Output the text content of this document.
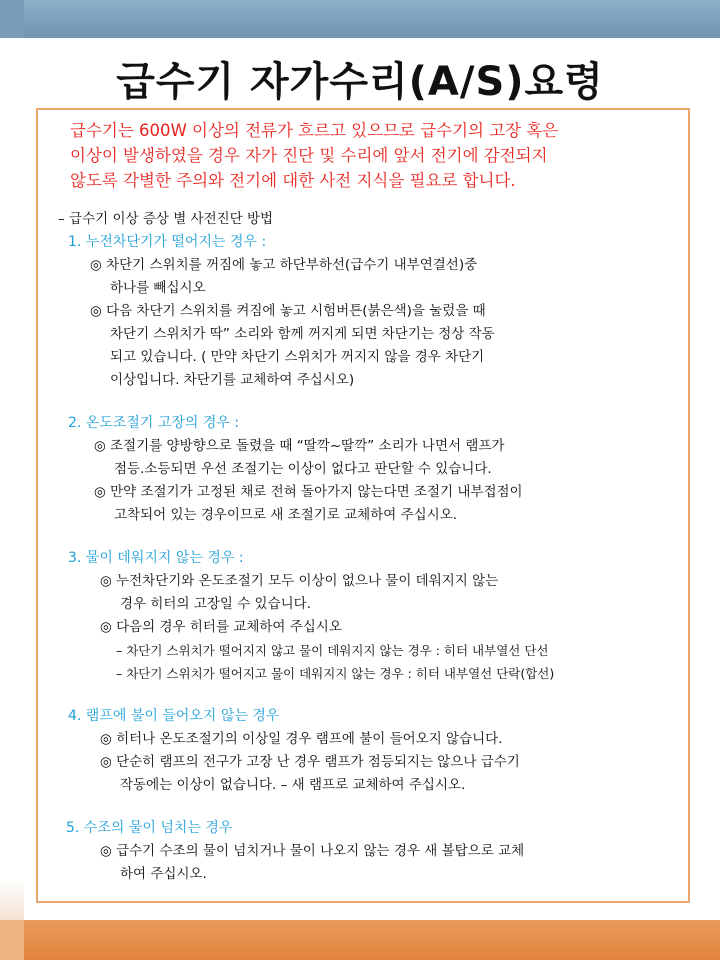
급수기 자가수리(A/S)요령
급수기는 600W 이상의 전류가 흐르고 있으므로 급수기의 고장 혹은
이상이 발생하였을 경우 자가 진단 및 수리에 앞서 전기에 감전되지
않도록 각별한 주의와 전기에 대한 사전 지식을 필요로 합니다.
– 급수기 이상 증상 별 사전진단 방법
1. 누전차단기가 떨어지는 경우 :
◎ 차단기 스위치를 꺼짐에 놓고 하단부하선(급수기 내부연결선)중
하나를 빼십시오
◎ 다음 차단기 스위치를 켜짐에 놓고 시험버튼(붉은색)을 눌렀을 때
차단기 스위치가 딱” 소리와 함께 꺼지게 되면 차단기는 정상 작동
되고 있습니다. ( 만약 차단기 스위치가 꺼지지 않을 경우 차단기
이상입니다. 차단기를 교체하여 주십시오)
2. 온도조절기 고장의 경우 :
◎ 조절기를 양방향으로 돌렸을 때 “딸깍~딸깍” 소리가 나면서 램프가
점등.소등되면 우선 조절기는 이상이 없다고 판단할 수 있습니다.
◎ 만약 조절기가 고정된 채로 전혀 돌아가지 않는다면 조절기 내부접점이
고착되어 있는 경우이므로 새 조절기로 교체하여 주십시오.
3. 물이 데워지지 않는 경우 :
◎ 누전차단기와 온도조절기 모두 이상이 없으나 물이 데워지지 않는
경우 히터의 고장일 수 있습니다.
◎ 다음의 경우 히터를 교체하여 주십시오
– 차단기 스위치가 떨어지지 않고 물이 데워지지 않는 경우 : 히터 내부열선 단선
– 차단기 스위치가 떨어지고 물이 데워지지 않는 경우 : 히터 내부열선 단락(합선)
4. 램프에 불이 들어오지 않는 경우
◎ 히터나 온도조절기의 이상일 경우 램프에 불이 들어오지 않습니다.
◎ 단순히 램프의 전구가 고장 난 경우 램프가 점등되지는 않으나 급수기
작동에는 이상이 없습니다. – 새 램프로 교체하여 주십시오.
5. 수조의 물이 넘치는 경우
◎ 급수기 수조의 물이 넘치거나 물이 나오지 않는 경우 새 볼탑으로 교체
하여 주십시오.
